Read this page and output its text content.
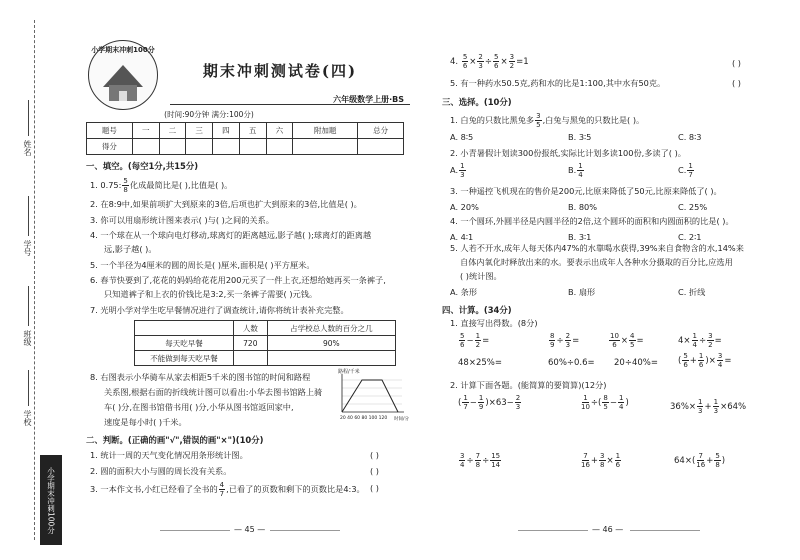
姓名
学号
班级
学校
小学期末冲刺100分
小学期末冲刺100分
期末冲刺测试卷(四)
六年级数学上册·BS
(时间:90分钟 满分:100分)
题号	一	二	三	四	五	六	附加题	总分
得分								
一、填空。(每空1分,共15分)
1. 0.75: $\frac{5}{8}$ 化成最简比是( ),比值是( )。
2. 在8:9中,如果前项扩大到原来的3倍,后项也扩大到原来的3倍,比值是( )。
3. 你可以用扇形统计图来表示( )与( )之间的关系。
4. 一个球在从一个球向电灯移动,球离灯的距离越远,影子越( );球离灯的距离越
远,影子越( )。
5. 一个半径为4厘米的圆的周长是( )厘米,面积是( )平方厘米。
6. 春节快要到了,花花的妈妈给花花用200元买了一件上衣,还想给她再买一条裤子,
只知道裤子和上衣的价钱比是3:2,买一条裤子需要( )元钱。
7. 光明小学对学生吃早餐情况进行了调查统计,请你将统计表补充完整。
	人数	占学校总人数的百分之几
每天吃早餐	720	90%
不能做到每天吃早餐		
8. 右图表示小华骑车从家去相距5千米的图书馆的时间和路程
关系图,根据右面的折线统计图可以看出:小华去图书馆路上骑
车( )分,在图书馆借书用( )分,小华从图书馆返回家中,
速度是每小时( )千米。
路程/千米
20 40 60 80 100 120 时间/分
二、判断。(正确的画"√",错误的画"×")(10分)
1. 统计一周的天气变化情况用条形统计图。	( )
2. 圆的面积大小与圆的周长没有关系。	( )
3. 一本作文书,小红已经看了全书的 $\frac{4}{7}$ ,已看了的页数和剩下的页数比是4:3。 ( )
— 45 —
4. $\frac{5}{6} \times \frac{2}{3} \div \frac{5}{6} \times \frac{3}{2} =1$	( )
5. 有一种药水50.5克,药和水的比是1:100,其中水有50克。	( )
三、选择。(10分)
1. 白兔的只数比黑兔多 $\frac{3}{5}$ ,白兔与黑兔的只数比是( )。
A. 8∶5	B. 3∶5	C. 8∶3
2. 小青暑假计划读300份报纸,实际比计划多读100份,多读了( )。
A. $\frac{1}{3}$	B. $\frac{1}{4}$	C. $\frac{1}{7}$
3. 一种遥控飞机现在的售价是200元,比原来降低了50元,比原来降低了( )。
A. 20%	B. 80%	C. 25%
4. 一个圆环,外圆半径是内圆半径的2倍,这个圆环的面积和内圆面积的比是( )。
A. 4∶1	B. 3∶1	C. 2∶1
5. 人若不开水,成年人每天体内47%的水靠喝水获得,39%来自食物含的水,14%来
自体内氧化时释放出来的水。要表示出成年人各种水分摄取的百分比,应选用
( )统计图。
A. 条形	B. 扇形	C. 折线
四、计算。(34分)
1. 直接写出得数。(8分)
$\frac{5}{6} - \frac{1}{2}$ =	$\frac{8}{9} \div \frac{2}{3}$ =	$\frac{10}{6} \times \frac{4}{5}$ =	$4\times \frac{1}{4} \div \frac{3}{2}$ =
48×25%=	60%÷0.6= 20÷40%= ( $\frac{5}{6} + \frac{1}{6}$ )× $\frac{3}{4}$ =
2. 计算下面各题。(能简算的要简算)(12分)
( $\frac{1}{7} - \frac{1}{9} )\times 63- \frac{2}{3}$	$\frac{1}{10}$ ÷( $\frac{8}{5} - \frac{1}{4}$ )	$36\%\times \frac{1}{3} + \frac{1}{3} \times 64\%$
$\frac{3}{4} \div \frac{7}{8} \div \frac{15}{14}$	$\frac{7}{16} + \frac{3}{8} \times \frac{1}{6}$	$64\times( \frac{7}{16} + \frac{5}{8}$ )
— 46 —
